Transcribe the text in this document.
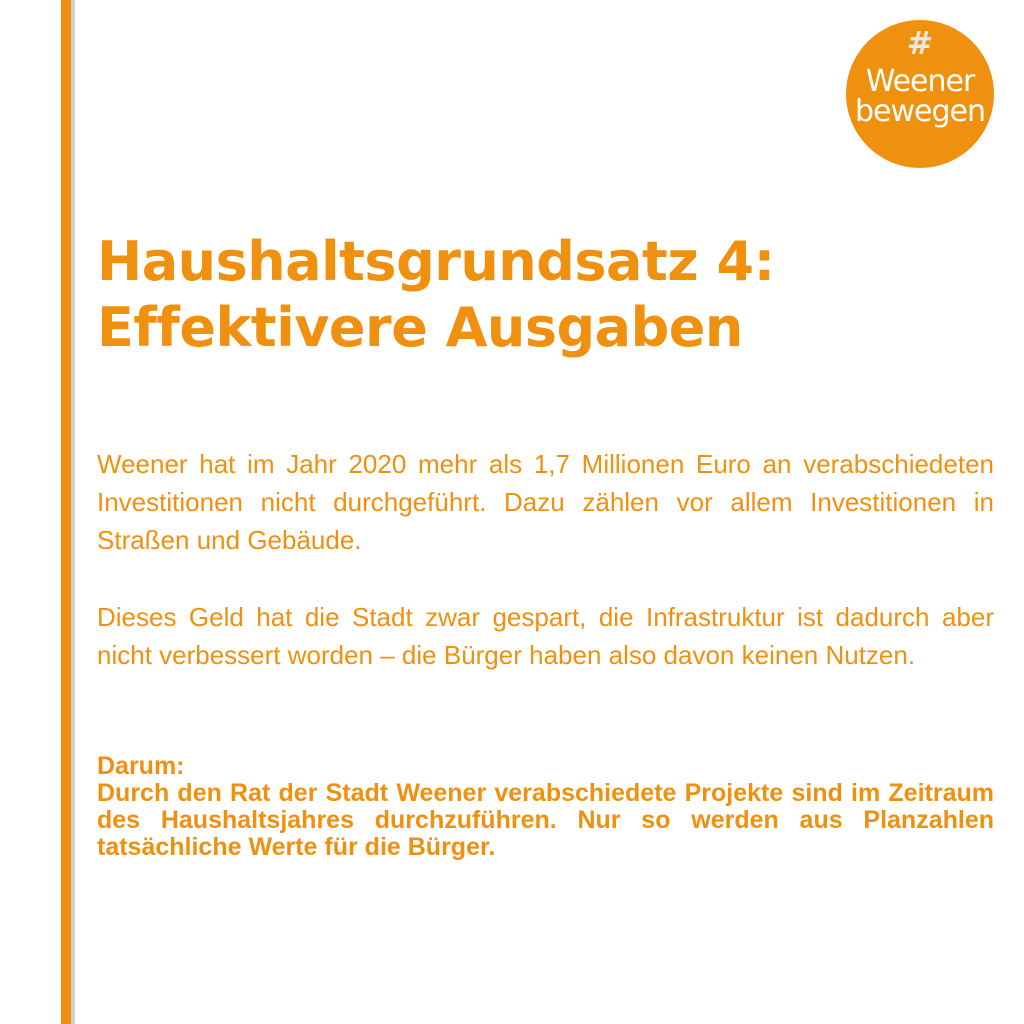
#
Weener
bewegen
Haushaltsgrundsatz 4:
Effektivere Ausgaben

Weener hat im Jahr 2020 mehr als 1,7 Millionen Euro an verabschiedeten Investitionen nicht durchgeführt. Dazu zählen vor allem Investitionen in Straßen und Gebäude.

Dieses Geld hat die Stadt zwar gespart, die Infrastruktur ist dadurch aber nicht verbessert worden – die Bürger haben also davon keinen Nutzen.

Darum:
Durch den Rat der Stadt Weener verabschiedete Projekte sind im Zeitraum des Haushaltsjahres durchzuführen. Nur so werden aus Planzahlen tatsächliche Werte für die Bürger.
